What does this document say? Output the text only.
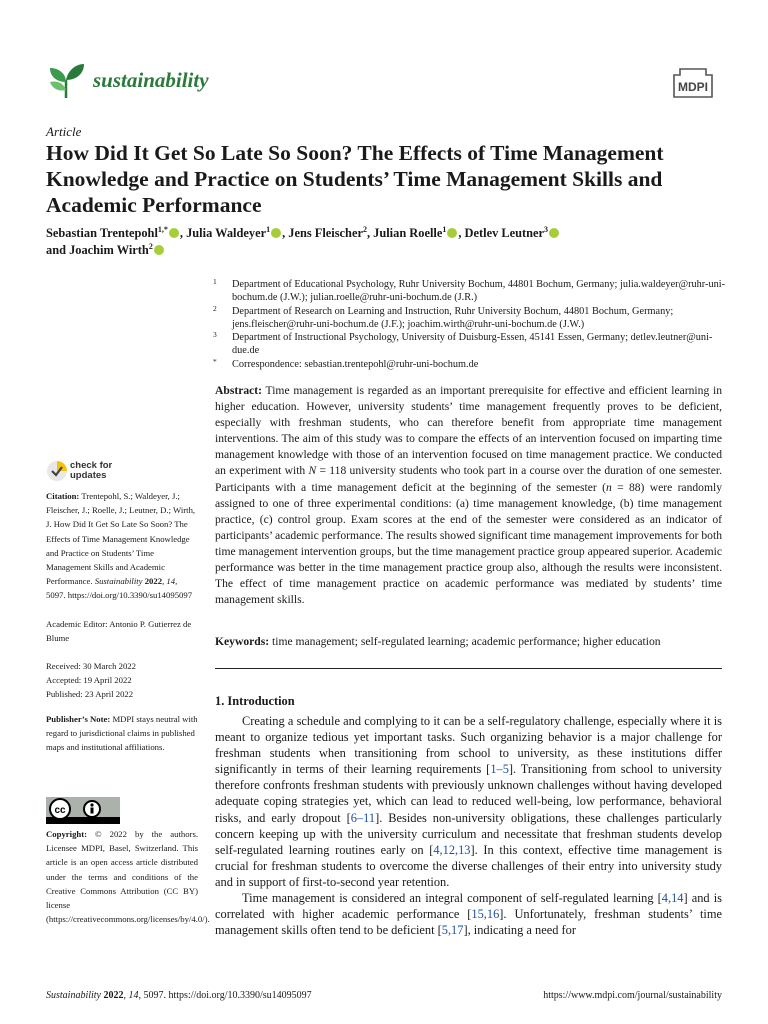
sustainability	MDPI
Article
How Did It Get So Late So Soon? The Effects of Time Management Knowledge and Practice on Students’ Time Management Skills and Academic Performance
Sebastian Trentepohl$^{1,*}$ , Julia Waldeyer$^1$ , Jens Fleischer$^2$, Julian Roelle$^1$ , Detlev Leutner$^3$
and Joachim Wirth$^2$
1 Department of Educational Psychology, Ruhr University Bochum, 44801 Bochum, Germany; julia.waldeyer@ruhr-uni-bochum.de (J.W.); julian.roelle@ruhr-uni-bochum.de (J.R.)
2 Department of Research on Learning and Instruction, Ruhr University Bochum, 44801 Bochum, Germany; jens.fleischer@ruhr-uni-bochum.de (J.F.); joachim.wirth@ruhr-uni-bochum.de (J.W.)
3 Department of Instructional Psychology, University of Duisburg-Essen, 45141 Essen, Germany; detlev.leutner@uni-due.de
* Correspondence: sebastian.trentepohl@ruhr-uni-bochum.de
Abstract: Time management is regarded as an important prerequisite for effective and efficient learning in higher education. However, university students’ time management frequently proves to be deficient, especially with freshman students, who can therefore benefit from appropriate time management interventions. The aim of this study was to compare the effects of an intervention focused on imparting time management knowledge with those of an intervention focused on time management practice. We conducted an experiment with N = 118 university students who took part in a course over the duration of one semester. Participants with a time management deficit at the beginning of the semester (n = 88) were randomly assigned to one of three experimental conditions: (a) time management knowledge, (b) time management practice, (c) control group. Exam scores at the end of the semester were considered as an indicator of participants’ academic performance. The results showed significant time management improvements for both time management intervention groups, but the time management practice group appeared superior. Academic performance was better in the time management practice group also, although the results were inconsistent. The effect of time management practice on academic performance was mediated by students’ time management skills.
Keywords: time management; self-regulated learning; academic performance; higher education
1. Introduction

Creating a schedule and complying to it can be a self-regulatory challenge, especially where it is meant to organize tedious yet important tasks. Such organizing behavior is a major challenge for freshman students when transitioning from school to university, as these institutions differ significantly in terms of their learning requirements [1–5]. Transitioning from school to university therefore confronts freshman students with previously unknown challenges without having developed adequate coping strategies yet, which can lead to reduced well-being, low performance, behavioral risks, and early dropout [6–11]. Besides non-university obligations, these challenges particularly concern keeping up with the university curriculum and necessitate that freshman students develop self-regulated learning routines early on [4,12,13]. In this context, effective time management is crucial for freshman students to overcome the diverse challenges of their entry into university study and in support of first-to-second year retention.

Time management is considered an integral component of self-regulated learning [4,14] and is correlated with higher academic performance [15,16]. Unfortunately, freshman students’ time management skills often tend to be deficient [5,17], indicating a need for

check for
updates

Citation: Trentepohl, S.; Waldeyer, J.; Fleischer, J.; Roelle, J.; Leutner, D.; Wirth, J. How Did It Get So Late So Soon? The Effects of Time Management Knowledge and Practice on Students’ Time Management Skills and Academic Performance. Sustainability 2022, 14, 5097. https://doi.org/10.3390/su14095097

Academic Editor: Antonio P. Gutierrez de Blume

Received: 30 March 2022

Accepted: 19 April 2022

Published: 23 April 2022

Publisher’s Note: MDPI stays neutral with regard to jurisdictional claims in published maps and institutional affiliations.

cc
Copyright: © 2022 by the authors. Licensee MDPI, Basel, Switzerland. This article is an open access article distributed under the terms and conditions of the Creative Commons Attribution (CC BY) license (https://creativecommons.org/licenses/by/4.0/).
Sustainability 2022, 14, 5097. https://doi.org/10.3390/su14095097	https://www.mdpi.com/journal/sustainability
